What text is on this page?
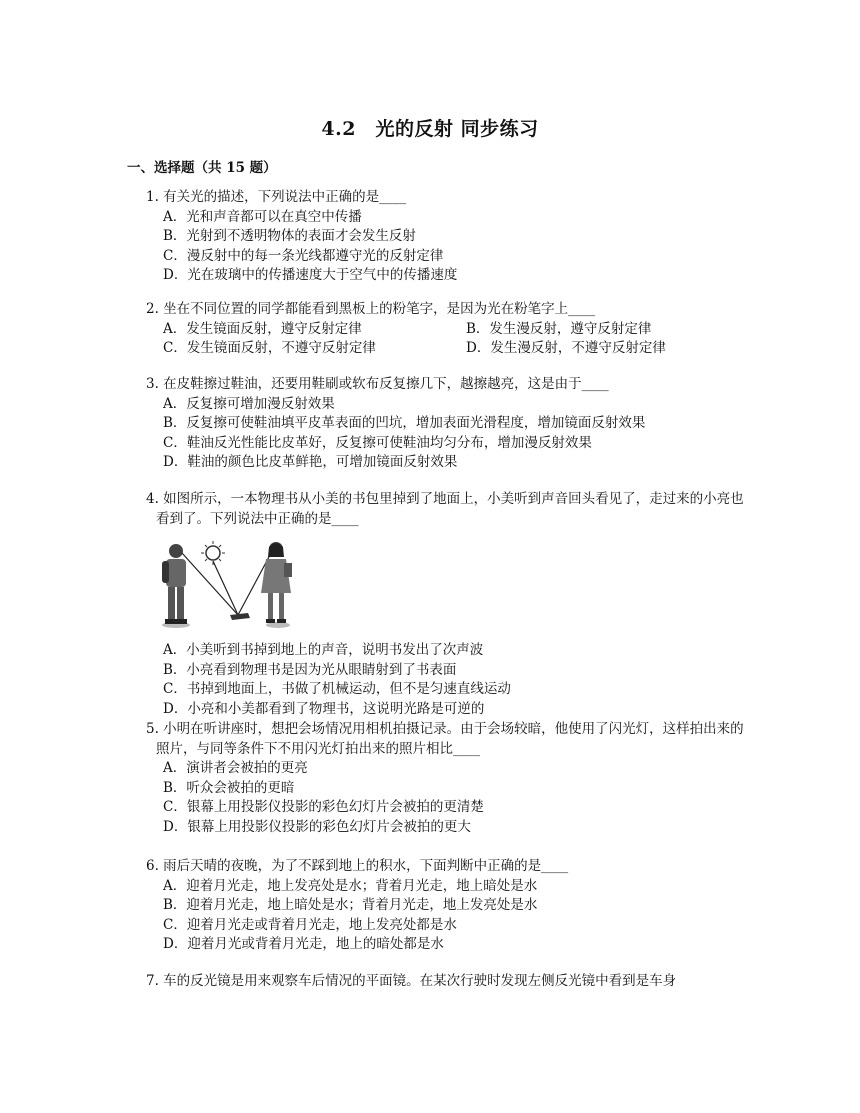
4.2　光的反射 同步练习
一、选择题（共 15 题）

1. 有关光的描述，下列说法中正确的是____

A．光和声音都可以在真空中传播
B．光射到不透明物体的表面才会发生反射
C．漫反射中的每一条光线都遵守光的反射定律
D．光在玻璃中的传播速度大于空气中的传播速度

2. 坐在不同位置的同学都能看到黑板上的粉笔字，是因为光在粉笔字上____

A．发生镜面反射，遵守反射定律	B．发生漫反射，遵守反射定律
C．发生镜面反射，不遵守反射定律	D．发生漫反射，不遵守反射定律

3. 在皮鞋擦过鞋油，还要用鞋刷或软布反复擦几下，越擦越亮，这是由于____

A．反复擦可增加漫反射效果
B．反复擦可使鞋油填平皮革表面的凹坑，增加表面光滑程度，增加镜面反射效果
C．鞋油反光性能比皮革好，反复擦可使鞋油均匀分布，增加漫反射效果
D．鞋油的颜色比皮革鲜艳，可增加镜面反射效果

4. 如图所示，一本物理书从小美的书包里掉到了地面上，小美听到声音回头看见了，走过来的小亮也看到了。下列说法中正确的是____

A．小美听到书掉到地上的声音，说明书发出了次声波
B．小亮看到物理书是因为光从眼睛射到了书表面
C．书掉到地面上，书做了机械运动，但不是匀速直线运动
D．小亮和小美都看到了物理书，这说明光路是可逆的

5. 小明在听讲座时，想把会场情况用相机拍摄记录。由于会场较暗，他使用了闪光灯，这样拍出来的照片，与同等条件下不用闪光灯拍出来的照片相比____

A．演讲者会被拍的更亮
B．听众会被拍的更暗
C．银幕上用投影仪投影的彩色幻灯片会被拍的更清楚
D．银幕上用投影仪投影的彩色幻灯片会被拍的更大

6. 雨后天晴的夜晚，为了不踩到地上的积水，下面判断中正确的是____

A．迎着月光走，地上发亮处是水；背着月光走，地上暗处是水
B．迎着月光走，地上暗处是水；背着月光走，地上发亮处是水
C．迎着月光走或背着月光走，地上发亮处都是水
D．迎着月光或背着月光走，地上的暗处都是水

7. 车的反光镜是用来观察车后情况的平面镜。在某次行驶时发现左侧反光镜中看到是车身
